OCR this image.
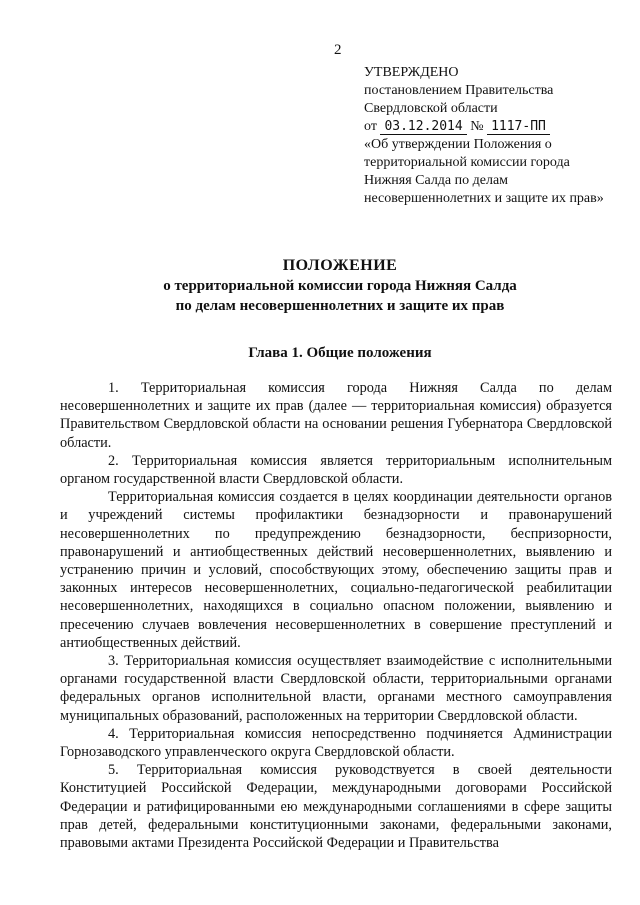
2
УТВЕРЖДЕНО
постановлением Правительства
Свердловской области
от 03.12.2014 № 1117-ПП
«Об утверждении Положения о территориальной комиссии города Нижняя Салда по делам несовершеннолетних и защите их прав»
ПОЛОЖЕНИЕ
о территориальной комиссии города Нижняя Салда
по делам несовершеннолетних и защите их прав
Глава 1. Общие положения

1. Территориальная комиссия города Нижняя Салда по делам несовершеннолетних и защите их прав (далее — территориальная комиссия) образуется Правительством Свердловской области на основании решения Губернатора Свердловской области.

2. Территориальная комиссия является территориальным исполнительным органом государственной власти Свердловской области.

Территориальная комиссия создается в целях координации деятельности органов и учреждений системы профилактики безнадзорности и правонарушений несовершеннолетних по предупреждению безнадзорности, беспризорности, правонарушений и антиобщественных действий несовершеннолетних, выявлению и устранению причин и условий, способствующих этому, обеспечению защиты прав и законных интересов несовершеннолетних, социально-педагогической реабилитации несовершеннолетних, находящихся в социально опасном положении, выявлению и пресечению случаев вовлечения несовершеннолетних в совершение преступлений и антиобщественных действий.

3. Территориальная комиссия осуществляет взаимодействие с исполнительными органами государственной власти Свердловской области, территориальными органами федеральных органов исполнительной власти, органами местного самоуправления муниципальных образований, расположенных на территории Свердловской области.

4. Территориальная комиссия непосредственно подчиняется Администрации Горнозаводского управленческого округа Свердловской области.

5. Территориальная комиссия руководствуется в своей деятельности Конституцией Российской Федерации, международными договорами Российской Федерации и ратифицированными ею международными соглашениями в сфере защиты прав детей, федеральными конституционными законами, федеральными законами, правовыми актами Президента Российской Федерации и Правительства
